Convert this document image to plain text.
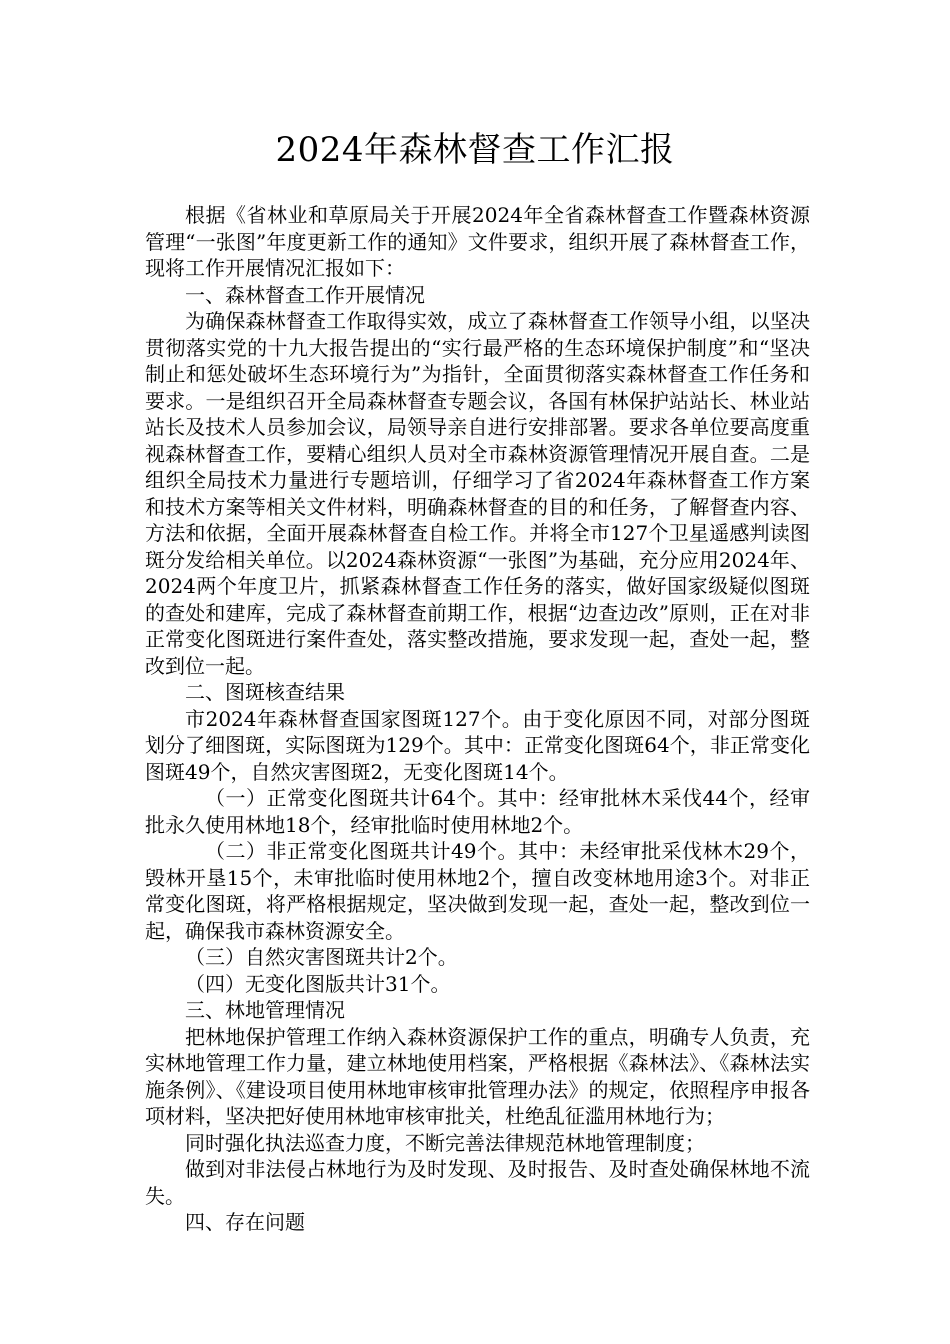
2024年森林督查工作汇报

根据《省林业和草原局关于开展2024年全省森林督查工作暨森林资源管理“一张图”年度更新工作的通知》文件要求，组织开展了森林督查工作，现将工作开展情况汇报如下：

一、森林督查工作开展情况

为确保森林督查工作取得实效，成立了森林督查工作领导小组，以坚决贯彻落实党的十九大报告提出的“实行最严格的生态环境保护制度”和“坚决制止和惩处破坏生态环境行为”为指针，全面贯彻落实森林督查工作任务和要求。一是组织召开全局森林督查专题会议，各国有林保护站站长、林业站站长及技术人员参加会议，局领导亲自进行安排部署。要求各单位要高度重视森林督查工作，要精心组织人员对全市森林资源管理情况开展自查。二是组织全局技术力量进行专题培训，仔细学习了省2024年森林督查工作方案和技术方案等相关文件材料，明确森林督查的目的和任务，了解督查内容、方法和依据，全面开展森林督查自检工作。并将全市127个卫星遥感判读图斑分发给相关单位。以2024森林资源“一张图”为基础，充分应用2024年、2024两个年度卫片，抓紧森林督查工作任务的落实，做好国家级疑似图斑的查处和建库，完成了森林督查前期工作，根据“边查边改”原则，正在对非正常变化图斑进行案件查处，落实整改措施，要求发现一起，查处一起，整改到位一起。

二、图斑核查结果

市2024年森林督查国家图斑127个。由于变化原因不同，对部分图斑划分了细图斑，实际图斑为129个。其中：正常变化图斑64个，非正常变化图斑49个，自然灾害图斑2，无变化图斑14个。

（一）正常变化图斑共计64个。其中：经审批林木采伐44个，经审批永久使用林地18个，经审批临时使用林地2个。

（二）非正常变化图斑共计49个。其中：未经审批采伐林木29个，毁林开垦15个，未审批临时使用林地2个，擅自改变林地用途3个。对非正常变化图斑，将严格根据规定，坚决做到发现一起，查处一起，整改到位一起，确保我市森林资源安全。

（三）自然灾害图斑共计2个。

（四）无变化图版共计31个。

三、林地管理情况

把林地保护管理工作纳入森林资源保护工作的重点，明确专人负责，充实林地管理工作力量，建立林地使用档案，严格根据《森林法》、《森林法实施条例》、《建设项目使用林地审核审批管理办法》的规定，依照程序申报各项材料，坚决把好使用林地审核审批关，杜绝乱征滥用林地行为；

同时强化执法巡查力度，不断完善法律规范林地管理制度；

做到对非法侵占林地行为及时发现、及时报告、及时查处确保林地不流失。

四、存在问题
